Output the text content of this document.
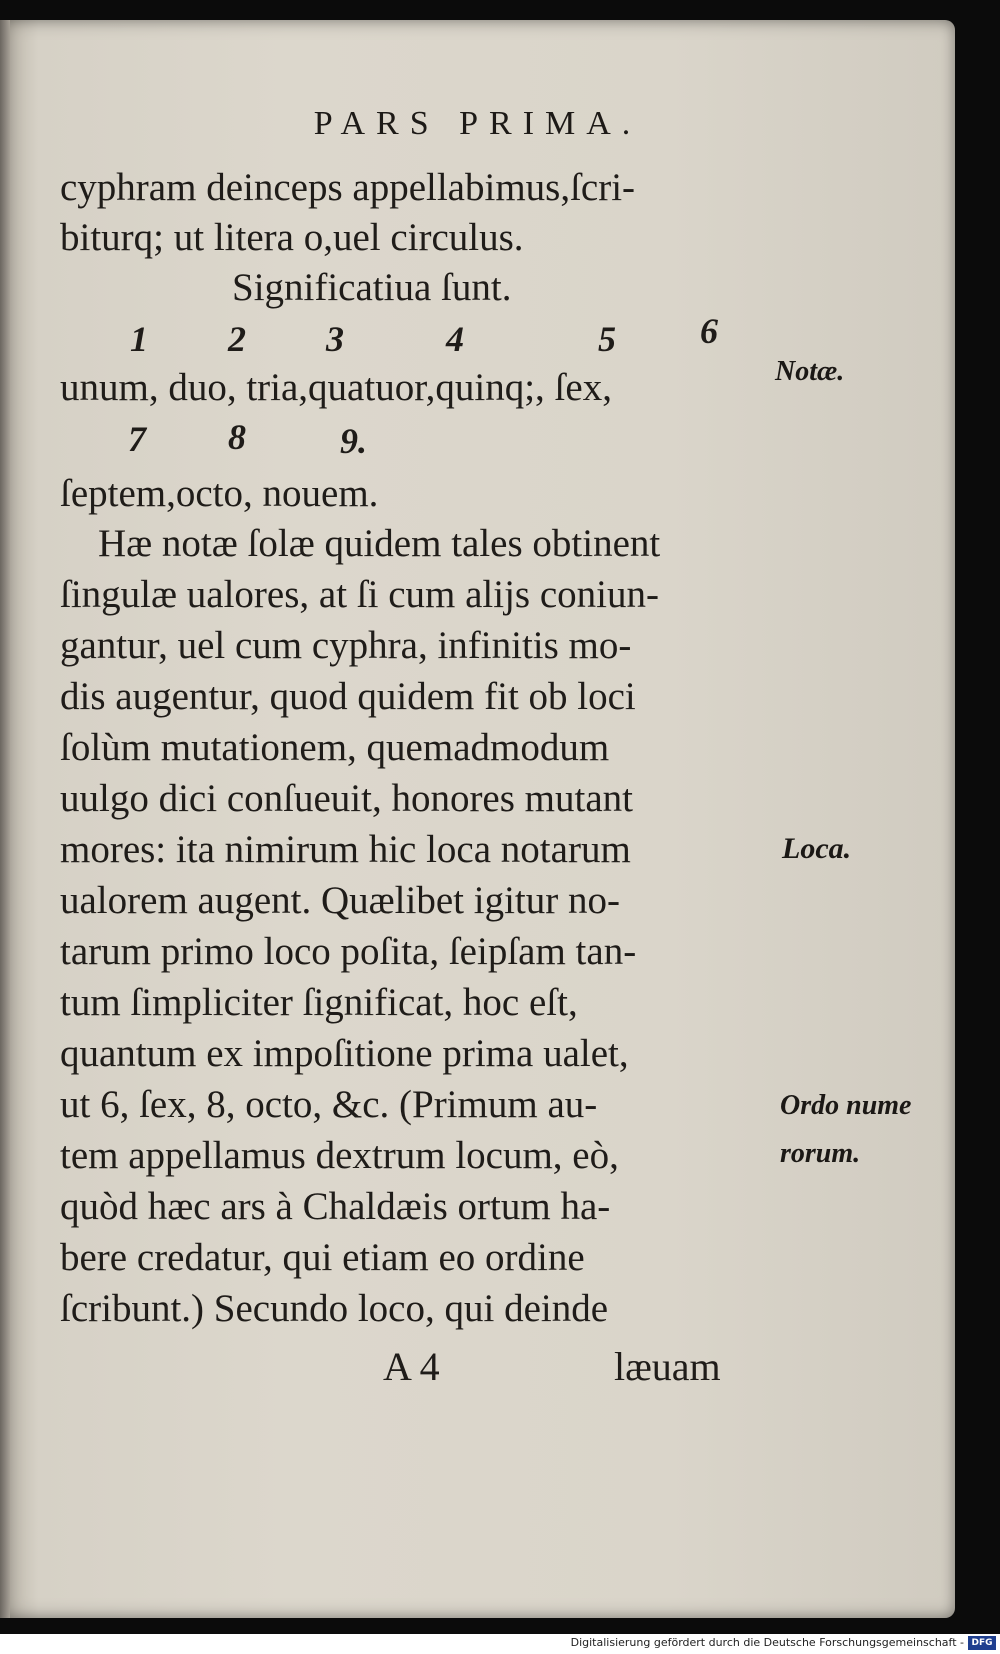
PARS PRIMA.
cyphram deinceps appellabimus,ſcri‑
biturq; ut litera o,uel circulus.
Significatiua ſunt.
1 2 3	4	5 6
unum, duo, tria,quatuor,quinq;, ſex,
7 8	9.
ſeptem,octo, nouem.
Hæ notæ ſolæ quidem tales obtinent
ſingulæ ualores, at ſi cum alijs coniun‑
gantur, uel cum cyphra, infinitis mo‑
dis augentur, quod quidem fit ob loci
ſolùm mutationem, quemadmodum
uulgo dici conſueuit, honores mutant
mores: ita nimirum hic loca notarum
ualorem augent. Quælibet igitur no‑
tarum primo loco poſita, ſeipſam tan‑
tum ſimpliciter ſignificat, hoc eſt,
quantum ex impoſitione prima ualet,
ut 6, ſex, 8, octo, &c. (Primum au‑
tem appellamus dextrum locum, eò,
quòd hæc ars à Chaldæis ortum ha‑
bere credatur, qui etiam eo ordine
ſcribunt.) Secundo loco, qui deinde
Notæ.
Loca.
Ordo nume
rorum.
A 4	læuam
Digitalisierung gefördert durch die Deutsche Forschungsgemeinschaft - DFG
